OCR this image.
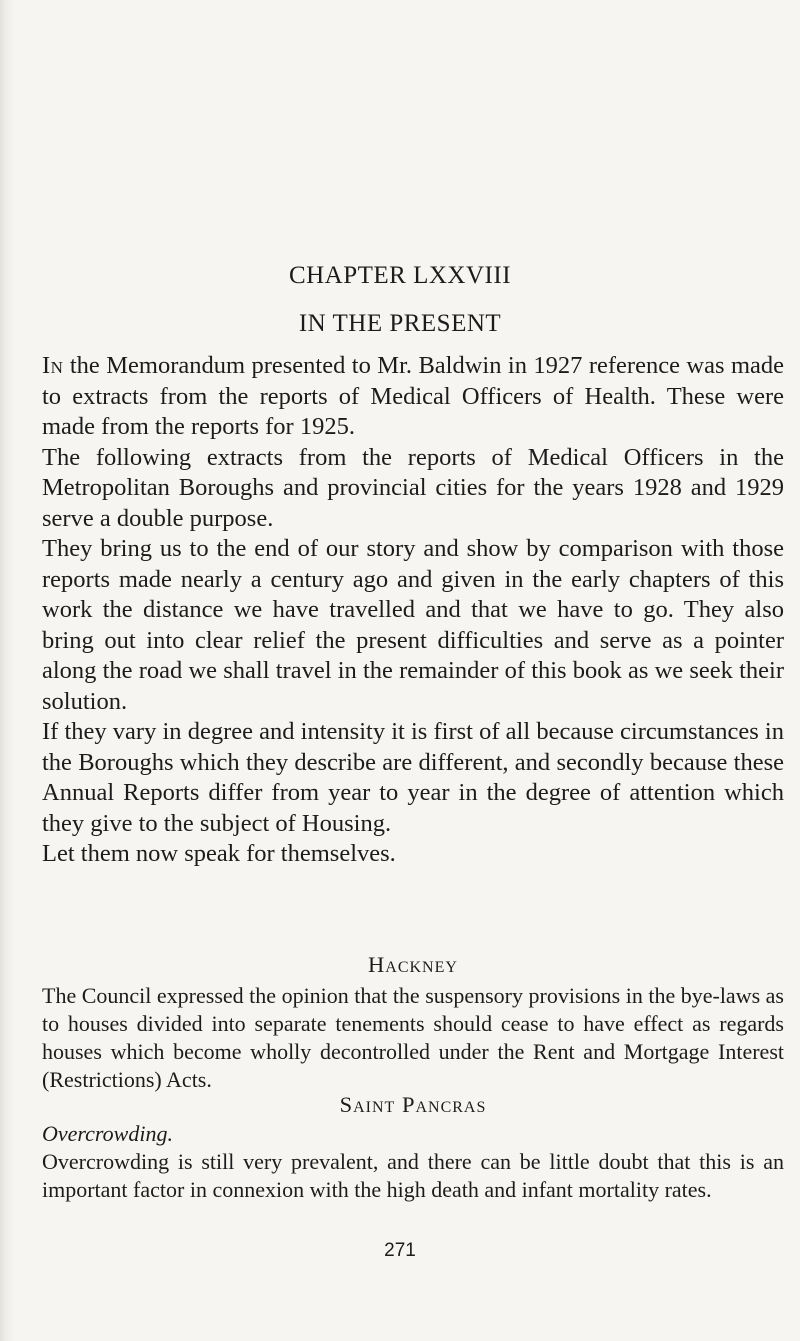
CHAPTER LXXVIII
IN THE PRESENT

In the Memorandum presented to Mr. Baldwin in 1927 reference was made to extracts from the reports of Medical Officers of Health. These were made from the reports for 1925.

The following extracts from the reports of Medical Officers in the Metropolitan Boroughs and provincial cities for the years 1928 and 1929 serve a double purpose.

They bring us to the end of our story and show by comparison with those reports made nearly a century ago and given in the early chapters of this work the distance we have travelled and that we have to go. They also bring out into clear relief the present difficulties and serve as a pointer along the road we shall travel in the remainder of this book as we seek their solution.

If they vary in degree and intensity it is first of all because circumstances in the Boroughs which they describe are different, and secondly because these Annual Reports differ from year to year in the degree of attention which they give to the subject of Housing.

Let them now speak for themselves.

Hackney

The Council expressed the opinion that the suspensory provisions in the bye-laws as to houses divided into separate tenements should cease to have effect as regards houses which become wholly decontrolled under the Rent and Mortgage Interest (Restrictions) Acts.

Saint Pancras

Overcrowding.

Overcrowding is still very prevalent, and there can be little doubt that this is an important factor in connexion with the high death and infant mortality rates.

271
